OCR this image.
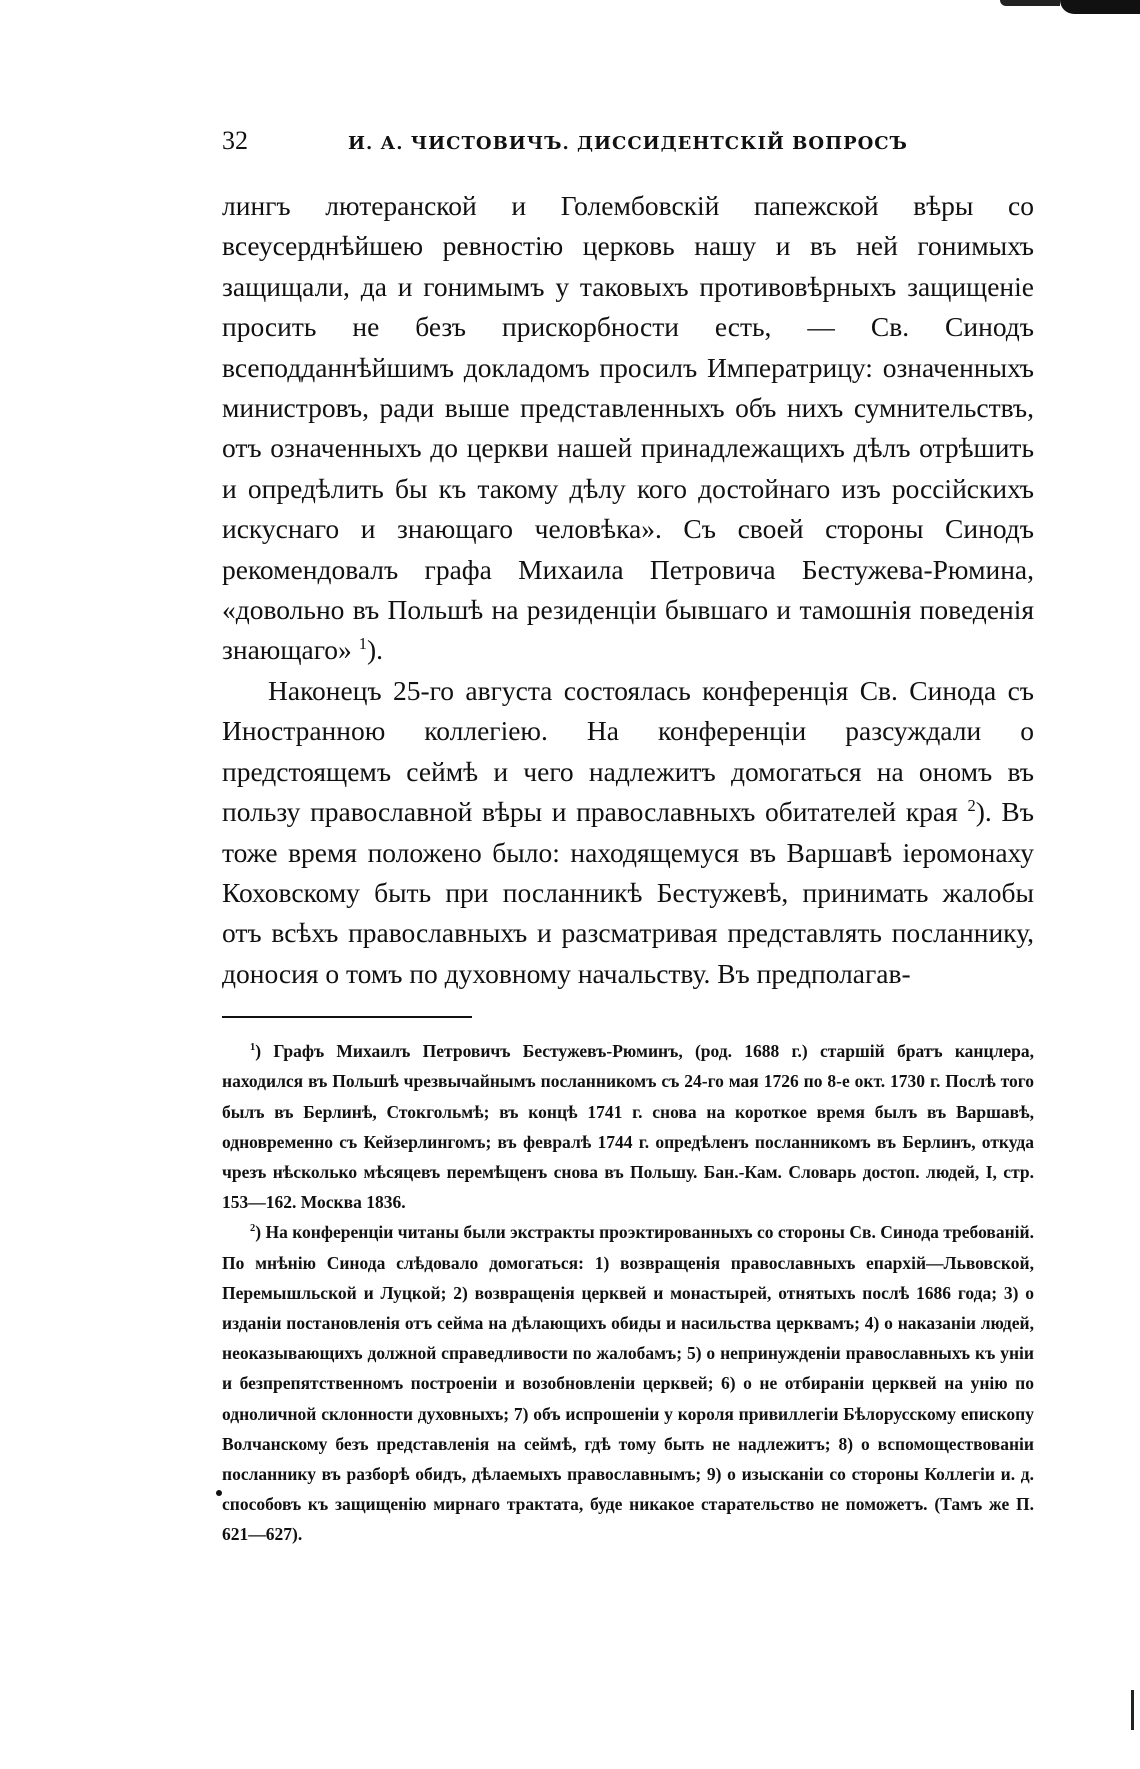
32	И. А. ЧИСТОВИЧЪ. ДИССИДЕНТСКІЙ ВОПРОСЪ

лингъ лютеранской и Голембовскій папежской вѣры со всеусерднѣйшею ревностію церковь нашу и въ ней гонимыхъ защищали, да и гонимымъ у таковыхъ противовѣрныхъ защищеніе просить не безъ прискорбности есть, — Св. Синодъ всеподданнѣйшимъ докладомъ просилъ Императрицу: означенныхъ министровъ, ради выше представленныхъ объ нихъ сумнительствъ, отъ означенныхъ до церкви нашей принадлежащихъ дѣлъ отрѣшить и опредѣлить бы къ такому дѣлу кого достойнаго изъ россійскихъ искуснаго и знающаго человѣка». Съ своей стороны Синодъ рекомендовалъ графа Михаила Петровича Бестужева-Рюмина, «довольно въ Польшѣ на резиденціи бывшаго и тамошнія поведенія знающаго» $^1$).

Наконецъ 25-го августа состоялась конференція Св. Синода съ Иностранною коллегіею. На конференціи разсуждали о предстоящемъ сеймѣ и чего надлежитъ домогаться на ономъ въ пользу православной вѣры и православныхъ обитателей края $^2$). Въ тоже время положено было: находящемуся въ Варшавѣ іеромонаху Коховскому быть при посланникѣ Бестужевѣ, принимать жалобы отъ всѣхъ православныхъ и разсматривая представлять посланнику, доносия о томъ по духовному начальству. Въ предполагав-

$^1$) Графъ Михаилъ Петровичъ Бестужевъ-Рюминъ, (род. 1688 г.) старшій братъ канцлера, находился въ Польшѣ чрезвычайнымъ посланникомъ съ 24-го мая 1726 по 8-е окт. 1730 г. Послѣ того былъ въ Берлинѣ, Стокгольмѣ; въ концѣ 1741 г. снова на короткое время былъ въ Варшавѣ, одновременно съ Кейзерлингомъ; въ февралѣ 1744 г. опредѣленъ посланникомъ въ Берлинъ, откуда чрезъ нѣсколько мѣсяцевъ перемѣщенъ снова въ Польшу. Бан.-Кам. Словарь достоп. людей, I, стр. 153—162. Москва 1836.

$^2$) На конференціи читаны были экстракты проэктированныхъ со стороны Св. Синода требованій. По мнѣнію Синода слѣдовало домогаться: 1) возвращенія православныхъ епархій—Львовской, Перемышльской и Луцкой; 2) возвращенія церквей и монастырей, отнятыхъ послѣ 1686 года; 3) о изданіи постановленія отъ сейма на дѣлающихъ обиды и насильства церквамъ; 4) о наказаніи людей, неоказывающихъ должной справедливости по жалобамъ; 5) о непринужденіи православныхъ къ уніи и безпрепятственномъ построеніи и возобновленіи церквей; 6) о не отбираніи церквей на унію по одноличной склонности духовныхъ; 7) объ испрошеніи у короля привиллегіи Бѣлорусскому епископу Волчанскому безъ представленія на сеймѣ, гдѣ тому быть не надлежитъ; 8) о вспомоществованіи посланнику въ разборѣ обидъ, дѣлаемыхъ православнымъ; 9) о изысканіи со стороны Коллегіи и. д. способовъ къ защищенію мирнаго трактата, буде никакое старательство не поможетъ. (Тамъ же П. 621—627).
